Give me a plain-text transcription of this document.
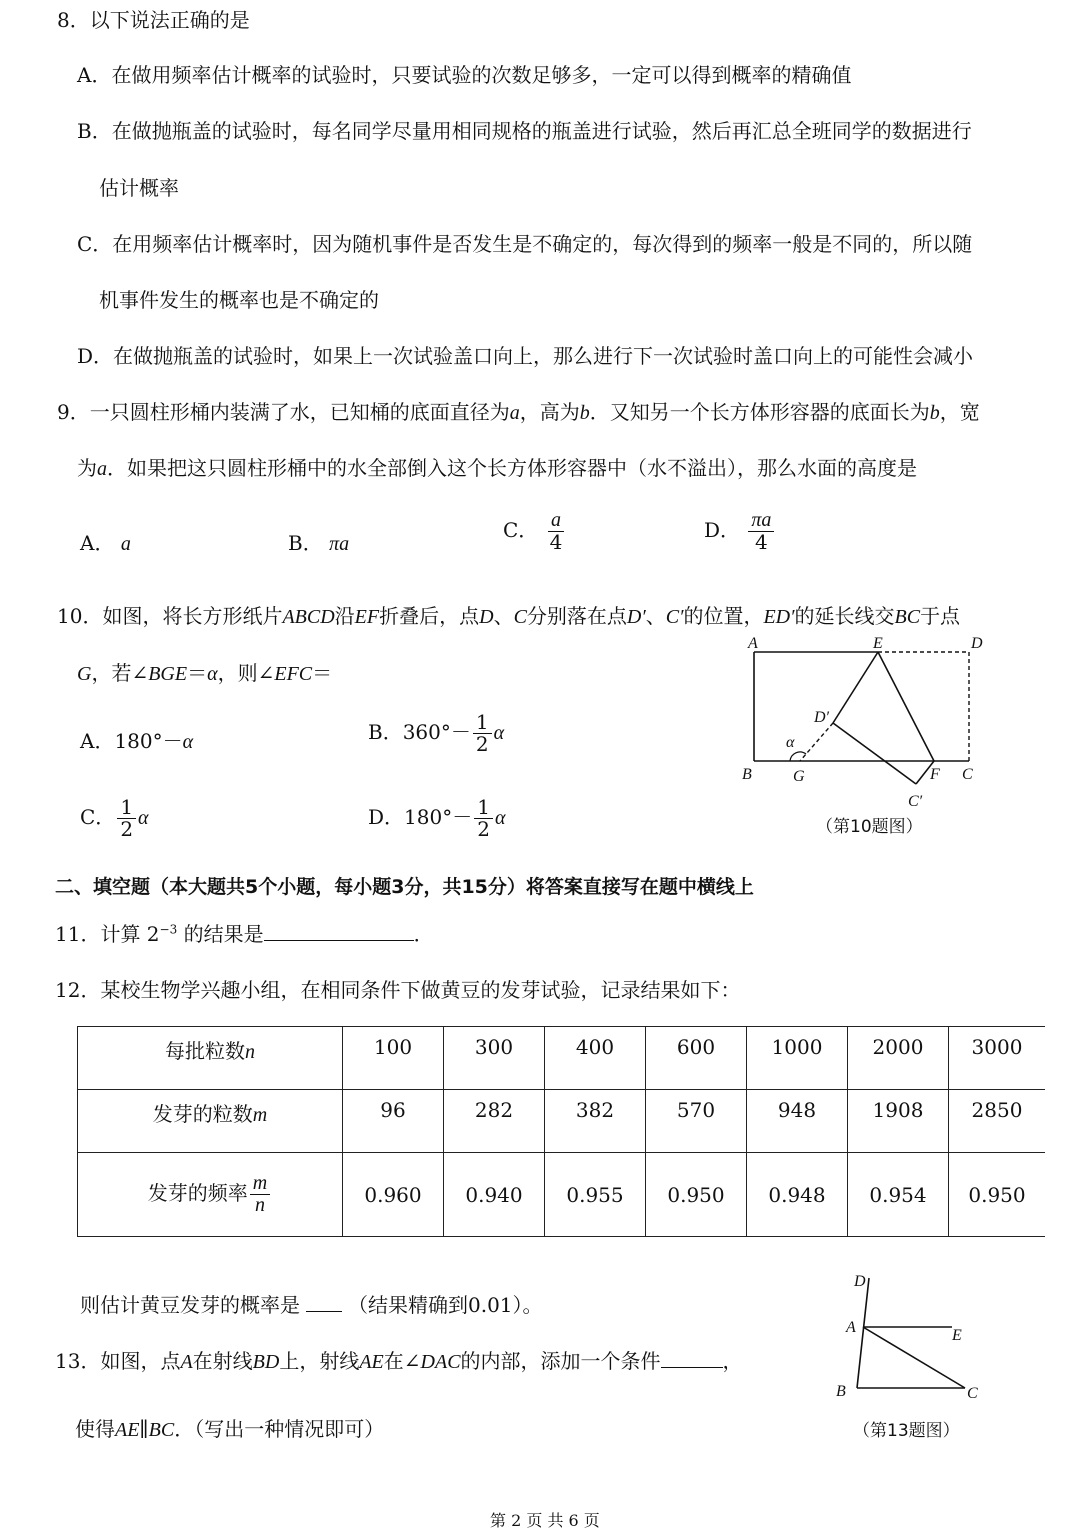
8．以下说法正确的是
A．在做用频率估计概率的试验时，只要试验的次数足够多，一定可以得到概率的精确值
B．在做抛瓶盖的试验时，每名同学尽量用相同规格的瓶盖进行试验，然后再汇总全班同学的数据进行
估计概率
C．在用频率估计概率时，因为随机事件是否发生是不确定的，每次得到的频率一般是不同的，所以随
机事件发生的概率也是不确定的
D．在做抛瓶盖的试验时，如果上一次试验盖口向上，那么进行下一次试验时盖口向上的可能性会减小
9．一只圆柱形桶内装满了水，已知桶的底面直径为a，高为b．又知另一个长方体形容器的底面长为b，宽
为a．如果把这只圆柱形桶中的水全部倒入这个长方体形容器中（水不溢出），那么水面的高度是
A． a	B． πa
C． $\frac{a}{4}$	D． $\frac{\pi a}{4}$
10．如图，将长方形纸片ABCD沿EF折叠后，点D、C分别落在点D′、C′的位置，ED′的延长线交BC于点
G，若∠BGE＝α，则∠EFC＝
A．180°－α	B．$360^\circ- \frac{1}{2}$ α
C． $\frac{1}{2}$ α	D．$180^\circ- \frac{1}{2}$ α
A	E	D
D′
α
B	G	F C
C′
（第10题图）
二、填空题（本大题共5个小题，每小题3分，共15分）将答案直接写在题中横线上
11．计算 $2^{-3}$ 的结果是	．
12．某校生物学兴趣小组，在相同条件下做黄豆的发芽试验，记录结果如下：
每批粒数n	100	300	400	600	1000	2000	3000
发芽的粒数m	96	282	382	570	948	1908	2850
发芽的频率 $\frac{m}{n}$	0.960	0.940	0.955	0.950	0.948	0.954	0.950
则估计黄豆发芽的概率是 （结果精确到0.01）。
13．如图，点A在射线BD上，射线AE在∠DAC的内部，添加一个条件	，
使得AE∥BC．（写出一种情况即可）
D
A	E
B	C
（第13题图）
第 2 页 共 6 页
